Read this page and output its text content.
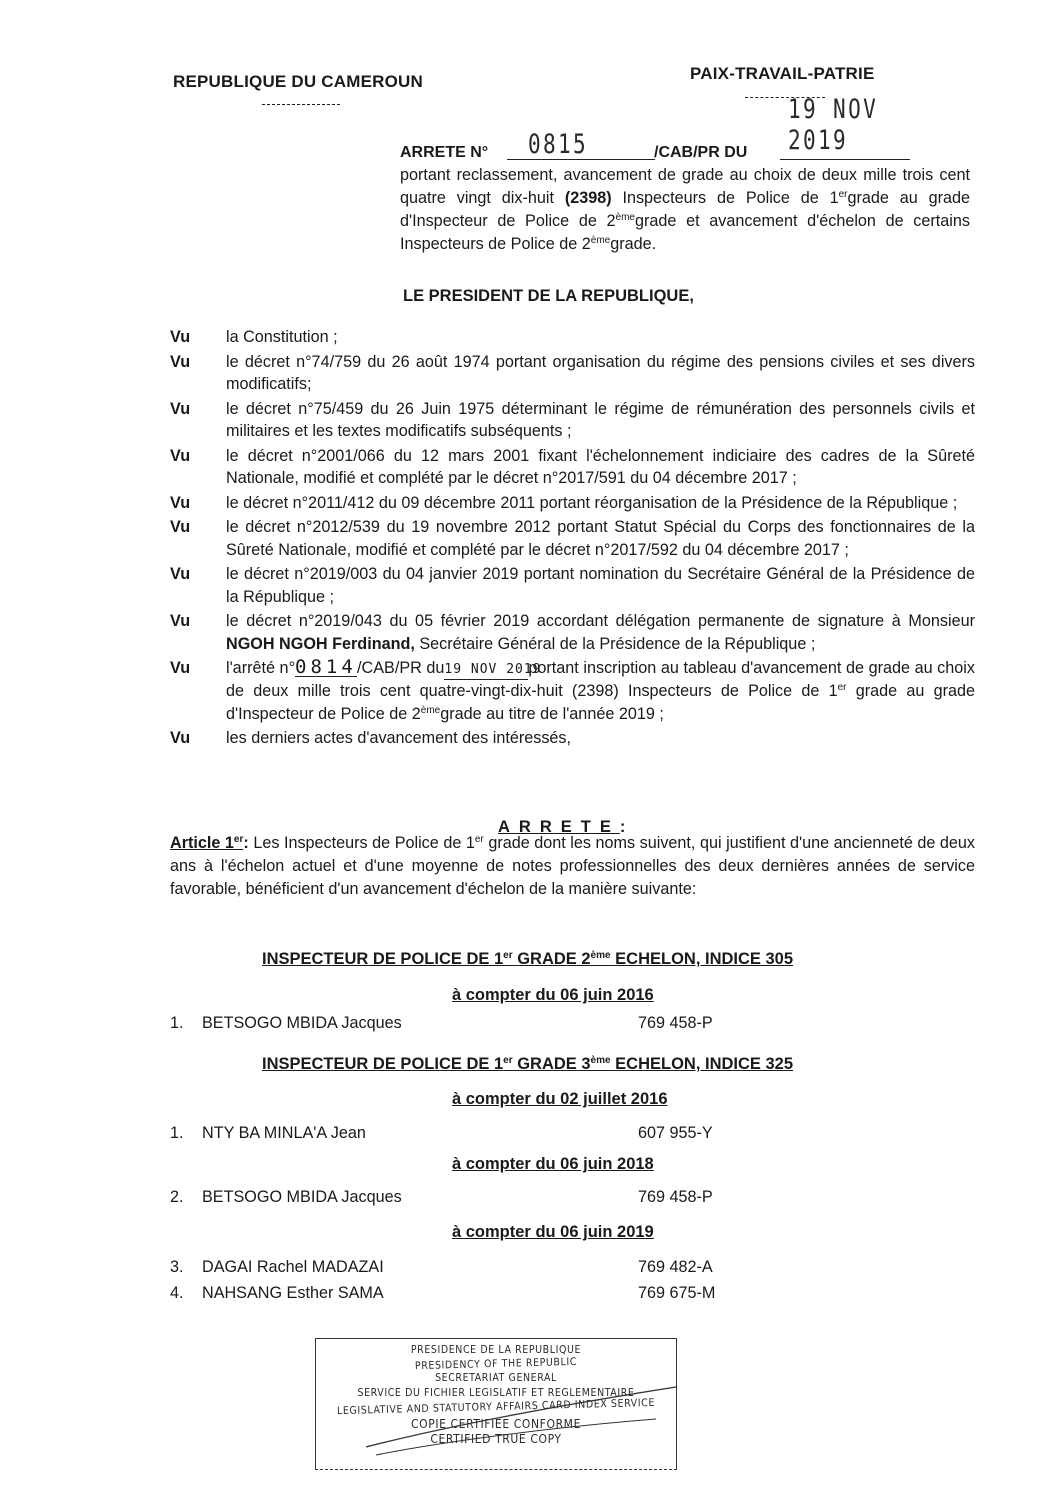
REPUBLIQUE DU CAMEROUN	PAIX-TRAVAIL-PATRIE
ARRETE N° 0815	/CAB/PR DU
19 NOV 2019
portant reclassement, avancement de grade au choix de deux mille trois cent quatre vingt dix-huit (2398) Inspecteurs de Police de 1ergrade au grade d'Inspecteur de Police de 2èmegrade et avancement d'échelon de certains Inspecteurs de Police de 2èmegrade.
LE PRESIDENT DE LA REPUBLIQUE,
Vu	la Constitution ;
Vu	le décret n°74/759 du 26 août 1974 portant organisation du régime des pensions civiles et ses divers modificatifs;
Vu	le décret n°75/459 du 26 Juin 1975 déterminant le régime de rémunération des personnels civils et militaires et les textes modificatifs subséquents ;
Vu	le décret n°2001/066 du 12 mars 2001 fixant l'échelonnement indiciaire des cadres de la Sûreté Nationale, modifié et complété par le décret n°2017/591 du 04 décembre 2017 ;
Vu	le décret n°2011/412 du 09 décembre 2011 portant réorganisation de la Présidence de la République ;
Vu	le décret n°2012/539 du 19 novembre 2012 portant Statut Spécial du Corps des fonctionnaires de la Sûreté Nationale, modifié et complété par le décret n°2017/592 du 04 décembre 2017 ;
Vu	le décret n°2019/003 du 04 janvier 2019 portant nomination du Secrétaire Général de la Présidence de la République ;
Vu	le décret n°2019/043 du 05 février 2019 accordant délégation permanente de signature à Monsieur NGOH NGOH Ferdinand, Secrétaire Général de la Présidence de la République ;
Vu	l'arrêté n°0814/CAB/PR du19 NOV 2019portant inscription au tableau d'avancement de grade au choix de deux mille trois cent quatre-vingt-dix-huit (2398) Inspecteurs de Police de 1er grade au grade d'Inspecteur de Police de 2èmegrade au titre de l'année 2019 ;
Vu	les derniers actes d'avancement des intéressés,
ARRETE:
Article 1er: Les Inspecteurs de Police de 1er grade dont les noms suivent, qui justifient d'une ancienneté de deux ans à l'échelon actuel et d'une moyenne de notes professionnelles des deux dernières années de service favorable, bénéficient d'un avancement d'échelon de la manière suivante:
INSPECTEUR DE POLICE DE 1er GRADE 2ème ECHELON, INDICE 305
à compter du 06 juin 2016
1. BETSOGO MBIDA Jacques	769 458-P
INSPECTEUR DE POLICE DE 1er GRADE 3ème ECHELON, INDICE 325
à compter du 02 juillet 2016
1. NTY BA MINLA'A Jean	607 955-Y
à compter du 06 juin 2018
2. BETSOGO MBIDA Jacques	769 458-P
à compter du 06 juin 2019
3. DAGAI Rachel MADAZAI	769 482-A
4. NAHSANG Esther SAMA	769 675-M
PRESIDENCE DE LA REPUBLIQUE
PRESIDENCY OF THE REPUBLIC
SECRETARIAT GENERAL
SERVICE DU FICHIER LEGISLATIF ET REGLEMENTAIRE
LEGISLATIVE AND STATUTORY AFFAIRS CARD INDEX SERVICE
COPIE CERTIFIEE CONFORME
CERTIFIED TRUE COPY
